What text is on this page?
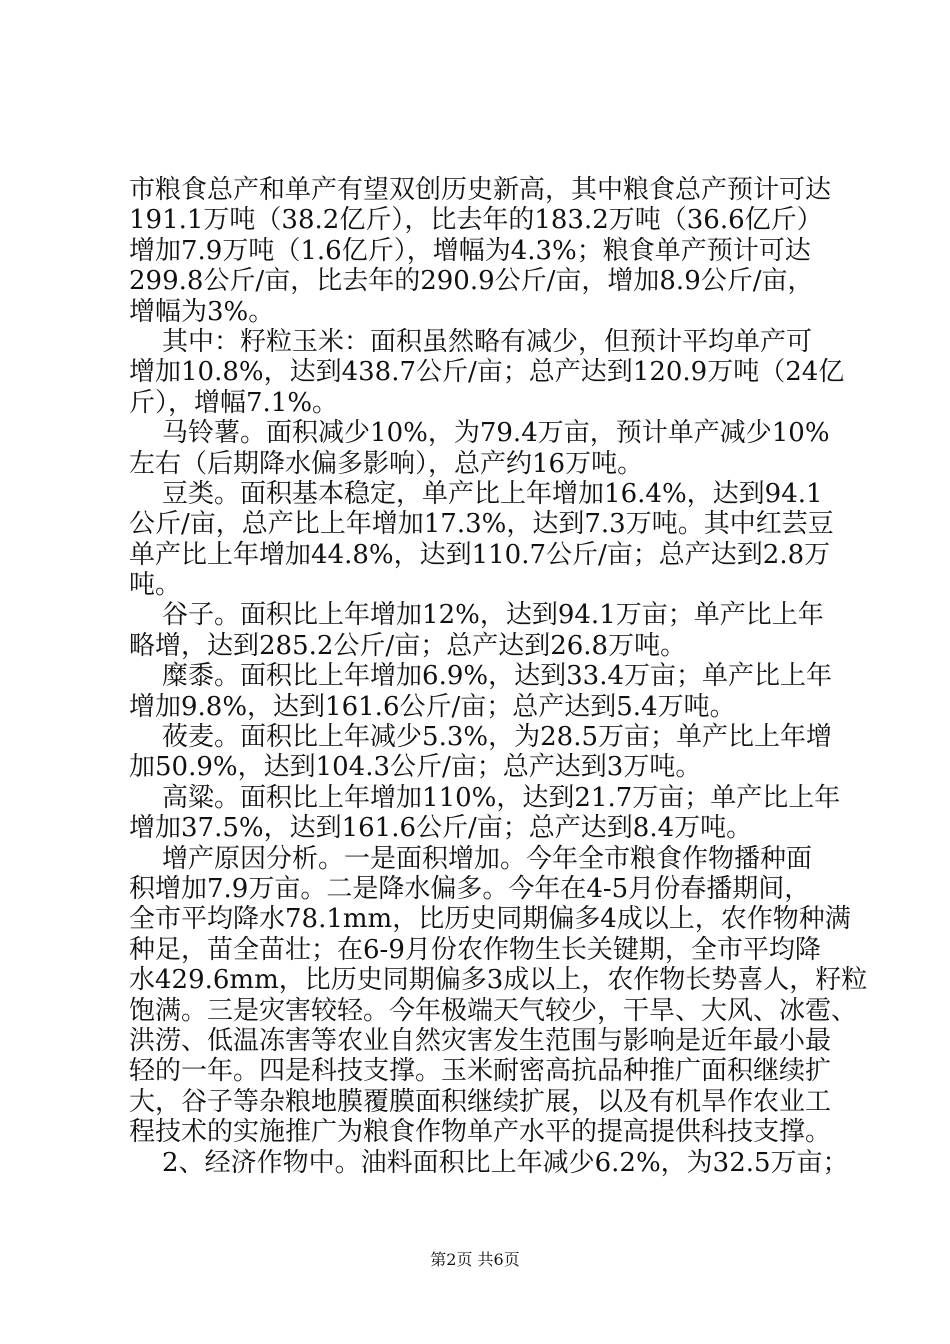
市粮食总产和单产有望双创历史新高，其中粮食总产预计可达
191.1万吨（38.2亿斤），比去年的183.2万吨（36.6亿斤）
增加7.9万吨（1.6亿斤），增幅为4.3%；粮食单产预计可达
299.8公斤/亩，比去年的290.9公斤/亩，增加8.9公斤/亩，
增幅为3%。
其中：籽粒玉米：面积虽然略有减少，但预计平均单产可
增加10.8%，达到438.7公斤/亩；总产达到120.9万吨（24亿
斤），增幅7.1%。
马铃薯。面积减少10%，为79.4万亩，预计单产减少10%
左右（后期降水偏多影响），总产约16万吨。
豆类。面积基本稳定，单产比上年增加16.4%，达到94.1
公斤/亩，总产比上年增加17.3%，达到7.3万吨。其中红芸豆
单产比上年增加44.8%，达到110.7公斤/亩；总产达到2.8万
吨。
谷子。面积比上年增加12%，达到94.1万亩；单产比上年
略增，达到285.2公斤/亩；总产达到26.8万吨。
糜黍。面积比上年增加6.9%，达到33.4万亩；单产比上年
增加9.8%，达到161.6公斤/亩；总产达到5.4万吨。
莜麦。面积比上年减少5.3%，为28.5万亩；单产比上年增
加50.9%，达到104.3公斤/亩；总产达到3万吨。
高粱。面积比上年增加110%，达到21.7万亩；单产比上年
增加37.5%，达到161.6公斤/亩；总产达到8.4万吨。
增产原因分析。一是面积增加。今年全市粮食作物播种面
积增加7.9万亩。二是降水偏多。今年在4-5月份春播期间，
全市平均降水78.1mm，比历史同期偏多4成以上，农作物种满
种足，苗全苗壮；在6-9月份农作物生长关键期，全市平均降
水429.6mm，比历史同期偏多3成以上，农作物长势喜人，籽粒
饱满。三是灾害较轻。今年极端天气较少，干旱、大风、冰雹、
洪涝、低温冻害等农业自然灾害发生范围与影响是近年最小最
轻的一年。四是科技支撑。玉米耐密高抗品种推广面积继续扩
大，谷子等杂粮地膜覆膜面积继续扩展，以及有机旱作农业工
程技术的实施推广为粮食作物单产水平的提高提供科技支撑。
2、经济作物中。油料面积比上年减少6.2%，为32.5万亩；
第2页 共6页
